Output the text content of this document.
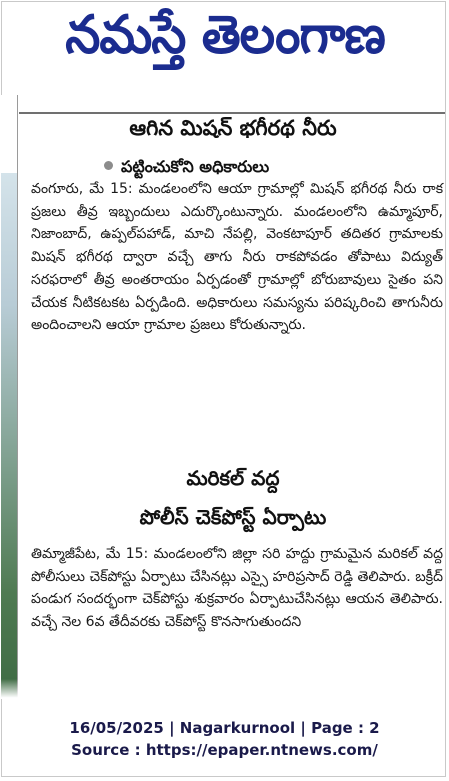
నమస్తే తెలంగాణ
ఆగిన మిషన్ భగీరథ నీరు
పట్టించుకోని అధికారులు

వంగూరు, మే 15: మండలంలోని ఆయా గ్రామాల్లో మిషన్ భగీరథ నీరు రాక ప్రజలు తీవ్ర ఇబ్బందులు ఎదుర్కొంటున్నారు. మండలంలోని ఉమ్మాపూర్, నిజాంబాద్, ఉప్పల్‌పహాడ్, మాచి నేపల్లి, వెంకటాపూర్ తదితర గ్రామాలకు మిషన్ భగీరథ ద్వారా వచ్చే తాగు నీరు రాకపోవడం తోపాటు విద్యుత్ సరఫరాలో తీవ్ర అంతరాయం ఏర్పడంతో గ్రామాల్లో బోరుబావులు సైతం పని చేయక నీటికటకట ఏర్పడింది. అధికారులు సమస్యను పరిష్కరించి తాగునీరు అందించాలని ఆయా గ్రామాల ప్రజలు కోరుతున్నారు.

మరికల్ వద్ద
పోలీస్ చెక్‌పోస్ట్ ఏర్పాటు

తిమ్మాజీపేట, మే 15: మండలంలోని జిల్లా సరి హద్దు గ్రామమైన మరికల్ వద్ద పోలీసులు చెక్‌పోస్టు ఏర్పాటు చేసినట్లు ఎస్సై హరిప్రసాద్ రెడ్డి తెలిపారు. బక్రీద్ పండుగ సందర్భంగా చెక్‌పోస్టు శుక్రవారం ఏర్పాటుచేసినట్లు ఆయన తెలిపారు. వచ్చే నెల 6వ తేదీవరకు చెక్‌పోస్ట్ కొనసాగుతుందని

16/05/2025 | Nagarkurnool | Page : 2
Source : https://epaper.ntnews.com/
